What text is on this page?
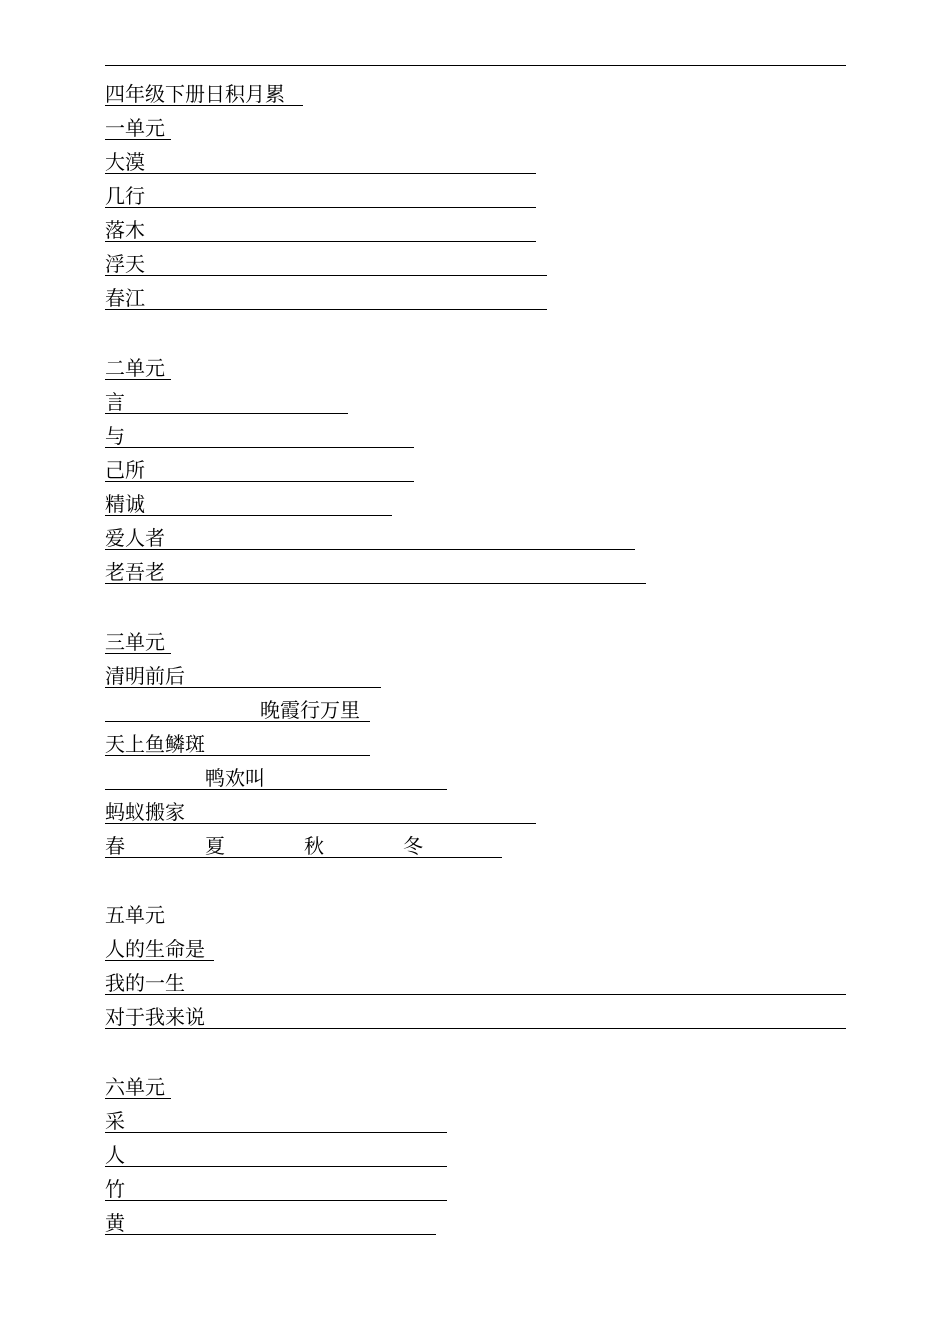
四年级下册日积月累
一单元
大漠
几行
落木
浮天
春江
二单元
言
与
己所
精诚
爱人者
老吾老
三单元
清明前后
晚霞行万里
天上鱼鳞斑
鸭欢叫
蚂蚁搬家
春	夏	秋	冬
五单元
人的生命是
我的一生
对于我来说
六单元
采
人
竹
黄
